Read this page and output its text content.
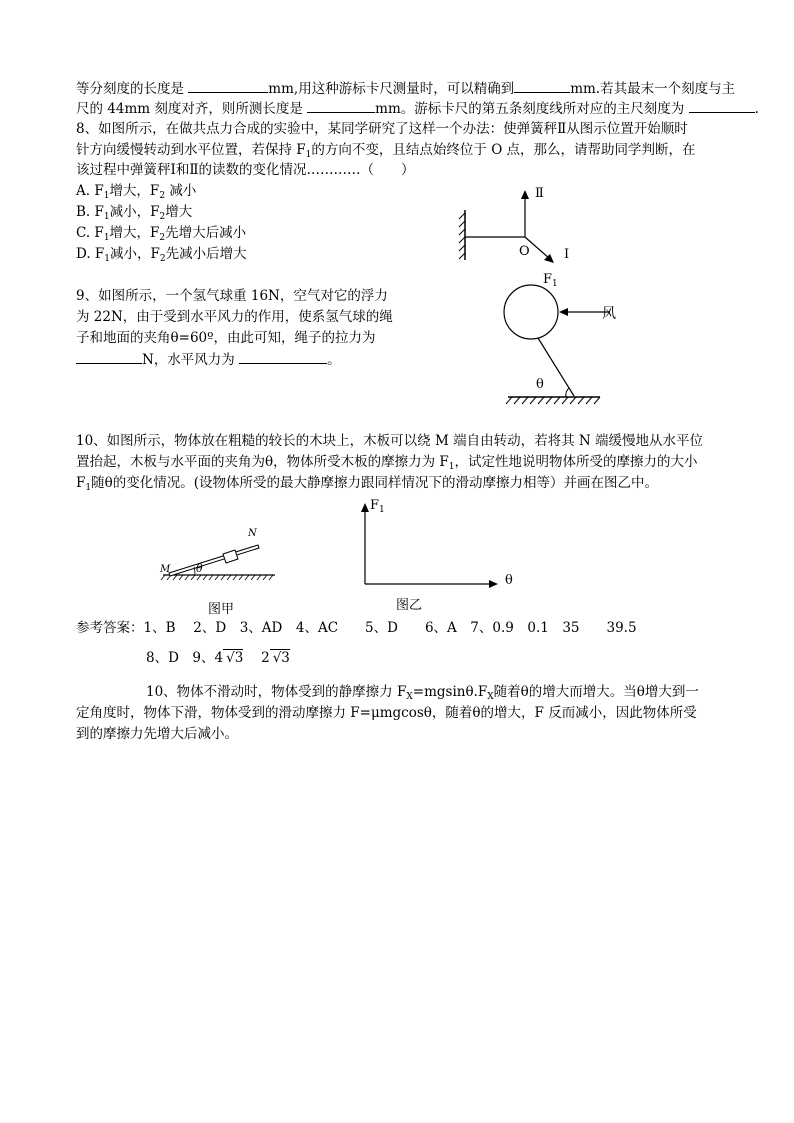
等分刻度的长度是	mm,用这种游标卡尺测量时，可以精确到	mm.若其最末一个刻度与主
尺的 44mm 刻度对齐，则所测长度是	mm。游标卡尺的第五条刻度线所对应的主尺刻度为	.
8、如图所示，在做共点力合成的实验中，某同学研究了这样一个办法：使弹簧秤Ⅱ从图示位置开始顺时
针方向缓慢转动到水平位置，若保持 $F_1$的方向不变，且结点始终位于 O 点，那么，请帮助同学判断，在
该过程中弹簧秤Ⅰ和Ⅱ的读数的变化情况…………（　　）
A. $F_1$增大，$F_2$ 减小
B. $F_1$减小，$F_2$增大
C. $F_1$增大，$F_2$先增大后减小
D. $F_1$减小，$F_2$先减小后增大
Ⅱ
O	I
$F_1$
9、如图所示，一个氢气球重 16N，空气对它的浮力
为 22N，由于受到水平风力的作用，使系氢气球的绳
子和地面的夹角θ=60º，由此可知，绳子的拉力为
N，水平风力为	。
风
θ
10、如图所示，物体放在粗糙的较长的木块上，木板可以绕 M 端自由转动，若将其 N 端缓慢地从水平位
置抬起，木板与水平面的夹角为θ，物体所受木板的摩擦力为 $F_1$，试定性地说明物体所受的摩擦力的大小
$F_1$随θ的变化情况。(设物体所受的最大静摩擦力跟同样情况下的滑动摩擦力相等）并画在图乙中。
M
N
θ
图甲
$F_1$
θ
图乙
参考答案：1、B　 2、D　3、AD　4、AC　　5、D　　6、A　7、0.9　0.1　35　　39.5
8、D　9、4 √3　 2 √3
10、物体不滑动时，物体受到的静摩擦力 $F_X=mgsin\theta.F_X$随着θ的增大而增大。当θ增大到一
定角度时，物体下滑，物体受到的滑动摩擦力 F=μmgcosθ，随着θ的增大，F 反而减小，因此物体所受
到的摩擦力先增大后减小。
